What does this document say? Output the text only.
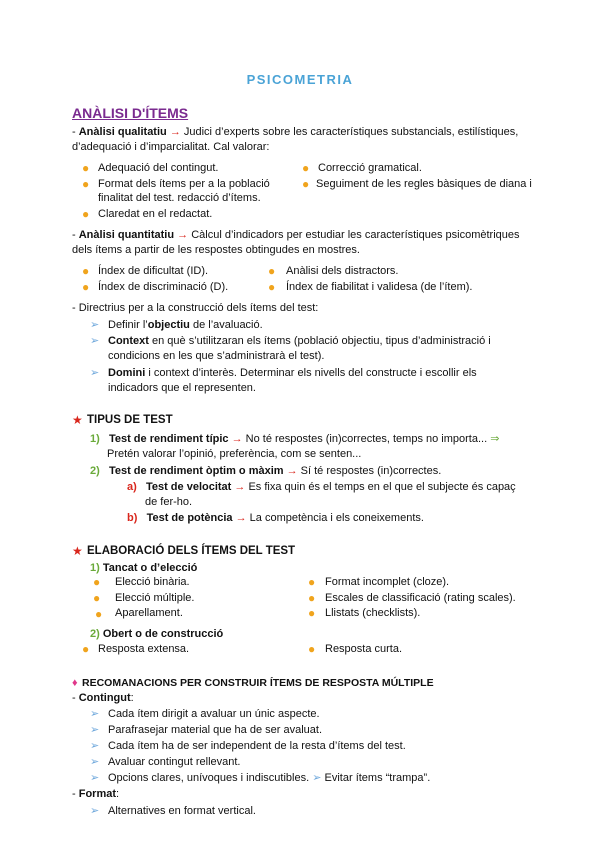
PSICOMETRIA
ANÀLISI D'ÍTEMS
- Anàlisi qualitatiu → Judici d’experts sobre les característiques substancials, estilístiques,
d’adequació i d’imparcialitat. Cal valorar:
● Adequació del contingut.
● Format dels ítems per a la població
finalitat del test. redacció d’ítems.
● Claredat en el redactat.
● Correcció gramatical.
● Seguiment de les regles bàsiques de diana i
- Anàlisi quantitatiu → Càlcul d’indicadors per estudiar les característiques psicomètriques
dels ítems a partir de les respostes obtingudes en mostres.
● Índex de dificultat (ID).
● Índex de discriminació (D).
● Anàlisi dels distractors.
● Índex de fiabilitat i validesa (de l’ítem).
- Directrius per a la construcció dels ítems del test:
➢ Definir l’objectiu de l’avaluació.
➢ Context en què s’utilitzaran els ítems (població objectiu, tipus d’administració i
condicions en les que s’administrarà el test).
➢ Domini i context d’interès. Determinar els nivells del constructe i escollir els
indicadors que el representen.
★ TIPUS DE TEST
1) Test de rendiment típic → No té respostes (in)correctes, temps no importa... ⇒
Pretén valorar l’opinió, preferència, com se senten...
2) Test de rendiment òptim o màxim → Sí té respostes (in)correctes.
a) Test de velocitat → Es fixa quin és el temps en el que el subjecte és capaç
de fer-ho.
b) Test de potència → La competència i els coneixements.
★ ELABORACIÓ DELS ÍTEMS DEL TEST
1) Tancat o d’elecció
● Elecció binària.
● Elecció múltiple.
● Aparellament.
● Format incomplet (cloze).
● Escales de classificació (rating scales).
● Llistats (checklists).
2) Obert o de construcció
● Resposta extensa.	● Resposta curta.
♦ RECOMANACIONS PER CONSTRUIR ÍTEMS DE RESPOSTA MÚLTIPLE
- Contingut:
➢ Cada ítem dirigit a avaluar un únic aspecte.
➢ Parafrasejar material que ha de ser avaluat.
➢ Cada ítem ha de ser independent de la resta d’ítems del test.
➢ Avaluar contingut rellevant.
➢ Opcions clares, unívoques i indiscutibles. ➢ Evitar ítems “trampa”.
- Format:
➢ Alternatives en format vertical.
